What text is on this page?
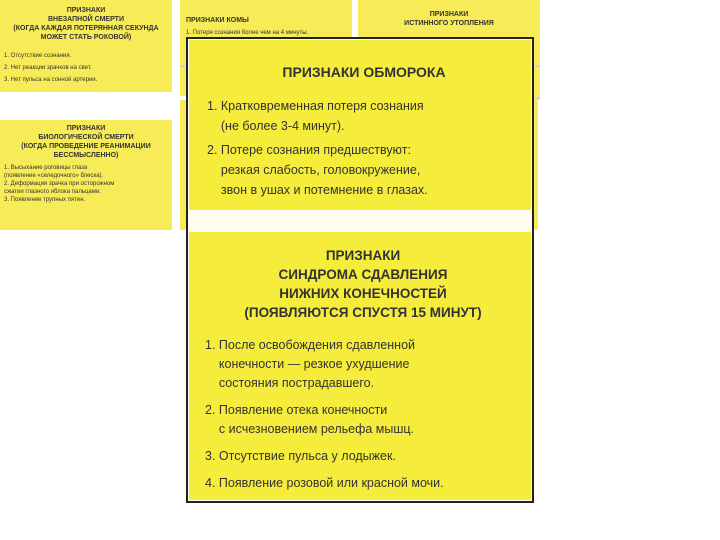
ПРИЗНАКИ
ВНЕЗАПНОЙ СМЕРТИ
(КОГДА КАЖДАЯ ПОТЕРЯННАЯ СЕКУНДА
МОЖЕТ СТАТЬ РОКОВОЙ)
1. Отсутствие сознания.
2. Нет реакции зрачков на свет.
3. Нет пульса на сонной артерии.
ПРИЗНАКИ КОМЫ
1. Потеря сознания более чем на 4 минуты.
ПРИЗНАКИ
ИСТИННОГО УТОПЛЕНИЯ
ПРИЗНАКИ
БИОЛОГИЧЕСКОЙ СМЕРТИ
(КОГДА ПРОВЕДЕНИЕ РЕАНИМАЦИИ
БЕССМЫСЛЕННО)
1. Высыхание роговицы глаза
(появление «селедочного» блеска).
2. Деформация зрачка при осторожном
сжатии глазного яблока пальцами.
3. Появление трупных пятен.
ПРИЗНАКИ ОБМОРОКА
1. Кратковременная потеря сознания
(не более 3-4 минут).
2. Потере сознания предшествуют:
резкая слабость, головокружение,
звон в ушах и потемнение в глазах.
ПРИЗНАКИ
СИНДРОМА СДАВЛЕНИЯ
НИЖНИХ КОНЕЧНОСТЕЙ
(ПОЯВЛЯЮТСЯ СПУСТЯ 15 МИНУТ)
1. После освобождения сдавленной
конечности — резкое ухудшение
состояния пострадавшего.
2. Появление отека конечности
с исчезновением рельефа мышц.
3. Отсутствие пульса у лодыжек.
4. Появление розовой или красной мочи.
